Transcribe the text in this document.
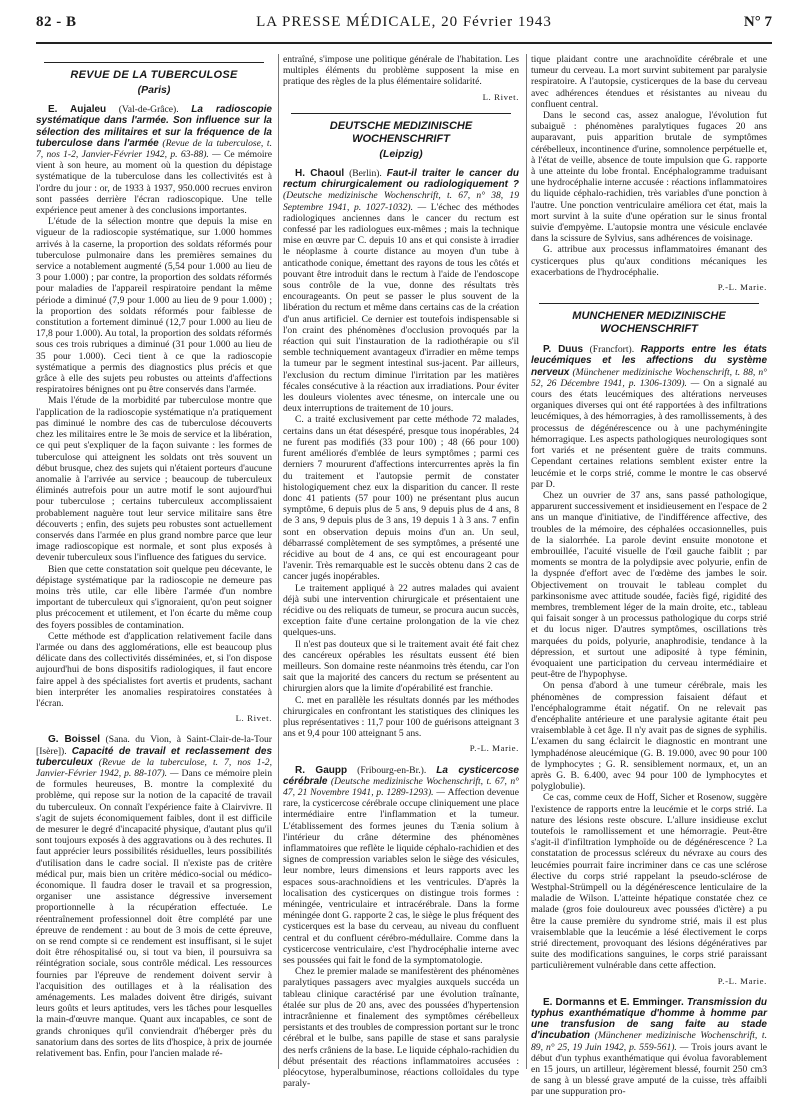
82 - B	LA PRESSE MÉDICALE, 20 Février 1943	N° 7
REVUE DE LA TUBERCULOSE
(Paris)

E. Aujaleu (Val-de-Grâce). La radioscopie systématique dans l'armée. Son influence sur la sélection des militaires et sur la fréquence de la tuberculose dans l'armée (Revue de la tuberculose, t. 7, nos 1-2, Janvier-Février 1942, p. 63-88). — Ce mémoire vient à son heure, au moment où la question du dépistage systématique de la tuberculose dans les collectivités est à l'ordre du jour : or, de 1933 à 1937, 950.000 recrues environ sont passées derrière l'écran radioscopique. Une telle expérience peut amener à des conclusions importantes.

L'étude de la sélection montre que depuis la mise en vigueur de la radioscopie systématique, sur 1.000 hommes arrivés à la caserne, la proportion des soldats réformés pour tuberculose pulmonaire dans les premières semaines du service a notablement augmenté (5,54 pour 1.000 au lieu de 3 pour 1.000) ; par contre, la proportion des soldats réformés pour maladies de l'appareil respiratoire pendant la même période a diminué (7,9 pour 1.000 au lieu de 9 pour 1.000) ; la proportion des soldats réformés pour faiblesse de constitution a fortement diminué (12,7 pour 1.000 au lieu de 17,8 pour 1.000). Au total, la proportion des soldats réformés sous ces trois rubriques a diminué (31 pour 1.000 au lieu de 35 pour 1.000). Ceci tient à ce que la radioscopie systématique a permis des diagnostics plus précis et que grâce à elle des sujets peu robustes ou atteints d'affections respiratoires bénignes ont pu être conservés dans l'armée.

Mais l'étude de la morbidité par tuberculose montre que l'application de la radioscopie systématique n'a pratiquement pas diminué le nombre des cas de tuberculose découverts chez les militaires entre le 3e mois de service et la libération, ce qui peut s'expliquer de la façon suivante : les formes de tuberculose qui atteignent les soldats ont très souvent un début brusque, chez des sujets qui n'étaient porteurs d'aucune anomalie à l'arrivée au service ; beaucoup de tuberculeux éliminés autrefois pour un autre motif le sont aujourd'hui pour tuberculose ; certains tuberculeux accomplissaient probablement naguère tout leur service militaire sans être découverts ; enfin, des sujets peu robustes sont actuellement conservés dans l'armée en plus grand nombre parce que leur image radioscopique est normale, et sont plus exposés à devenir tuberculeux sous l'influence des fatigues du service.

Bien que cette constatation soit quelque peu décevante, le dépistage systématique par la radioscopie ne demeure pas moins très utile, car elle libère l'armée d'un nombre important de tuberculeux qui s'ignoraient, qu'on peut soigner plus précocement et utilement, et l'on écarte du même coup des foyers possibles de contamination.

Cette méthode est d'application relativement facile dans l'armée ou dans des agglomérations, elle est beaucoup plus délicate dans des collectivités disséminées, et, si l'on dispose aujourd'hui de bons dispositifs radiologiques, il faut encore faire appel à des spécialistes fort avertis et prudents, sachant bien interpréter les anomalies respiratoires constatées à l'écran.

L. Rivet.

G. Boissel (Sana. du Vion, à Saint-Clair-de-la-Tour [Isère]). Capacité de travail et reclassement des tuberculeux (Revue de la tuberculose, t. 7, nos 1-2, Janvier-Février 1942, p. 88-107). — Dans ce mémoire plein de formules heureuses, B. montre la complexité du problème, qui repose sur la notion de la capacité de travail du tuberculeux. On connaît l'expérience faite à Clairvivre. Il s'agit de sujets économiquement faibles, dont il est difficile de mesurer le degré d'incapacité physique, d'autant plus qu'il sont toujours exposés à des aggravations ou à des rechutes. Il faut apprécier leurs possibilités résiduelles, leurs possibilités d'utilisation dans le cadre social. Il n'existe pas de critère médical pur, mais bien un critère médico-social ou médico-économique. Il faudra doser le travail et sa progression, organiser une assistance dégressive inversement proportionnelle à la récupération effectuée. Le réentraînement professionnel doit être complété par une épreuve de rendement : au bout de 3 mois de cette épreuve, on se rend compte si ce rendement est insuffisant, si le sujet doit être réhospitalisé ou, si tout va bien, il poursuivra sa réintégration sociale, sous contrôle médical. Les ressources fournies par l'épreuve de rendement doivent servir à l'acquisition des outillages et à la réalisation des aménagements. Les malades doivent être dirigés, suivant leurs goûts et leurs aptitudes, vers les tâches pour lesquelles la main-d'œuvre manque. Quant aux incapables, ce sont de grands chroniques qu'il conviendrait d'héberger près du sanatorium dans des sortes de lits d'hospice, à prix de journée relativement bas. Enfin, pour l'ancien malade ré-

entraîné, s'impose une politique générale de l'habitation. Les multiples éléments du problème supposent la mise en pratique des règles de la plus élémentaire solidarité.

L. Rivet.

DEUTSCHE MEDIZINISCHE WOCHENSCHRIFT
(Leipzig)

H. Chaoul (Berlin). Faut-il traiter le cancer du rectum chirurgicalement ou radiologiquement ? (Deutsche medizinische Wochenschrift, t. 67, n° 38, 19 Septembre 1941, p. 1027-1032). — L'échec des méthodes radiologiques anciennes dans le cancer du rectum est confessé par les radiologues eux-mêmes ; mais la technique mise en œuvre par C. depuis 10 ans et qui consiste à irradier le néoplasme à courte distance au moyen d'un tube à anticathode conique, émettant des rayons de tous les côtés et pouvant être introduit dans le rectum à l'aide de l'endoscope sous contrôle de la vue, donne des résultats très encourageants. On peut se passer le plus souvent de la libération du rectum et même dans certains cas de la création d'un anus artificiel. Ce dernier est toutefois indispensable si l'on craint des phénomènes d'occlusion provoqués par la réaction qui suit l'instauration de la radiothérapie ou s'il semble techniquement avantageux d'irradier en même temps la tumeur par le segment intestinal sus-jacent. Par ailleurs, l'exclusion du rectum diminue l'irritation par les matières fécales consécutive à la réaction aux irradiations. Pour éviter les douleurs violentes avec ténesme, on intercale une ou deux interruptions de traitement de 10 jours.

C. a traité exclusivement par cette méthode 72 malades, certains dans un état désespéré, presque tous inopérables, 24 ne furent pas modifiés (33 pour 100) ; 48 (66 pour 100) furent améliorés d'emblée de leurs symptômes ; parmi ces derniers 7 moururent d'affections intercurrentes après la fin du traitement et l'autopsie permit de constater histologiquement chez eux la disparition du cancer. Il reste donc 41 patients (57 pour 100) ne présentant plus aucun symptôme, 6 depuis plus de 5 ans, 9 depuis plus de 4 ans, 8 de 3 ans, 9 depuis plus de 3 ans, 19 depuis 1 à 3 ans. 7 enfin sont en observation depuis moins d'un an. Un seul, débarrassé complètement de ses symptômes, a présenté une récidive au bout de 4 ans, ce qui est encourageant pour l'avenir. Très remarquable est le succès obtenu dans 2 cas de cancer jugés inopérables.

Le traitement appliqué à 22 autres malades qui avaient déjà subi une intervention chirurgicale et présentaient une récidive ou des reliquats de tumeur, se procura aucun succès, exception faite d'une certaine prolongation de la vie chez quelques-uns.

Il n'est pas douteux que si le traitement avait été fait chez des cancéreux opérables les résultats eussent été bien meilleurs. Son domaine reste néanmoins très étendu, car l'on sait que la majorité des cancers du rectum se présentent au chirurgien alors que la limite d'opérabilité est franchie.

C. met en parallèle les résultats donnés par les méthodes chirurgicales en confrontant les statistiques des cliniques les plus représentatives : 11,7 pour 100 de guérisons atteignant 3 ans et 9,4 pour 100 atteignant 5 ans.

P.-L. Marie.

R. Gaupp (Fribourg-en-Br.). La cysticercose cérébrale (Deutsche medizinische Wochenschrift, t. 67, n° 47, 21 Novembre 1941, p. 1289-1293). — Affection devenue rare, la cysticercose cérébrale occupe cliniquement une place intermédiaire entre l'inflammation et la tumeur. L'établissement des formes jeunes du Tænia solium à l'intérieur du crâne détermine des phénomènes inflammatoires que reflète le liquide céphalo-rachidien et des signes de compression variables selon le siège des vésicules, leur nombre, leurs dimensions et leurs rapports avec les espaces sous-arachnoïdiens et les ventricules. D'après la localisation des cysticerques on distingue trois formes : méningée, ventriculaire et intracérébrale. Dans la forme méningée dont G. rapporte 2 cas, le siège le plus fréquent des cysticerques est la base du cerveau, au niveau du confluent central et du confluent cérébro-médullaire. Comme dans la cysticercose ventriculaire, c'est l'hydrocéphalie interne avec ses poussées qui fait le fond de la symptomatologie.

Chez le premier malade se manifestèrent des phénomènes paralytiques passagers avec myalgies auxquels succéda un tableau clinique caractérisé par une évolution traînante, étalée sur plus de 20 ans, avec des poussées d'hypertension intracrânienne et finalement des symptômes cérébelleux persistants et des troubles de compression portant sur le tronc cérébral et le bulbe, sans papille de stase et sans paralysie des nerfs crâniens de la base. Le liquide céphalo-rachidien du début présentait des réactions inflammatoires accusées : pléocytose, hyperalbuminose, réactions colloïdales du type paraly-

tique plaidant contre une arachnoïdite cérébrale et une tumeur du cerveau. La mort survint subitement par paralysie respiratoire. A l'autopsie, cysticerques de la base du cerveau avec adhérences étendues et résistantes au niveau du confluent central.

Dans le second cas, assez analogue, l'évolution fut subaiguë : phénomènes paralytiques fugaces 20 ans auparavant, puis apparition brutale de symptômes cérébelleux, incontinence d'urine, somnolence perpétuelle et, à l'état de veille, absence de toute impulsion que G. rapporte à une atteinte du lobe frontal. Encéphalogramme traduisant une hydrocéphalie interne accusée : réactions inflammatoires du liquide céphalo-rachidien, très variables d'une ponction à l'autre. Une ponction ventriculaire améliora cet état, mais la mort survint à la suite d'une opération sur le sinus frontal suivie d'empyème. L'autopsie montra une vésicule enclavée dans la scissure de Sylvius, sans adhérences de voisinage.

G. attribue aux processus inflammatoires émanant des cysticerques plus qu'aux conditions mécaniques les exacerbations de l'hydrocéphalie.

P.-L. Marie.

MUNCHENER MEDIZINISCHE WOCHENSCHRIFT

P. Duus (Francfort). Rapports entre les états leucémiques et les affections du système nerveux (Münchener medizinische Wochenschrift, t. 88, n° 52, 26 Décembre 1941, p. 1306-1309). — On a signalé au cours des états leucémiques des altérations nerveuses organiques diverses qui ont été rapportées à des infiltrations leucémiques, à des hémorragies, à des ramollissements, à des processus de dégénérescence ou à une pachyméningite hémorragique. Les aspects pathologiques neurologiques sont fort variés et ne présentent guère de traits communs. Cependant certaines relations semblent exister entre la leucémie et le corps strié, comme le montre le cas observé par D.

Chez un ouvrier de 37 ans, sans passé pathologique, apparurent successivement et insidieusement en l'espace de 2 ans un manque d'initiative, de l'indifférence affective, des troubles de la mémoire, des céphalées occasionnelles, puis de la sialorrhée. La parole devint ensuite monotone et embrouillée, l'acuité visuelle de l'œil gauche faiblit ; par moments se montra de la polydipsie avec polyurie, enfin de la dyspnée d'effort avec de l'œdème des jambes le soir. Objectivement on trouvait le tableau complet du parkinsonisme avec attitude soudée, faciès figé, rigidité des membres, tremblement léger de la main droite, etc., tableau qui faisait songer à un processus pathologique du corps strié et du locus niger. D'autres symptômes, oscillations très marquées du poids, polyurie, anaphrodisie, tendance à la dépression, et surtout une adiposité à type féminin, évoquaient une participation du cerveau intermédiaire et peut-être de l'hypophyse.

On pensa d'abord à une tumeur cérébrale, mais les phénomènes de compression faisaient défaut et l'encéphalogramme était négatif. On ne relevait pas d'encéphalite antérieure et une paralysie agitante était peu vraisemblable à cet âge. Il n'y avait pas de signes de syphilis. L'examen du sang éclaircit le diagnostic en montrant une lymphadénose aleucémique (G. B. 19.000, avec 90 pour 100 de lymphocytes ; G. R. sensiblement normaux, et, un an après G. B. 6.400, avec 94 pour 100 de lymphocytes et polyglobulie).

Ce cas, comme ceux de Hoff, Sicher et Rosenow, suggère l'existence de rapports entre la leucémie et le corps strié. La nature des lésions reste obscure. L'allure insidieuse exclut toutefois le ramollissement et une hémorragie. Peut-être s'agit-il d'infiltration lymphoïde ou de dégénérescence ? La constatation de processus scléreux du névraxe au cours des leucémies pourrait faire incriminer dans ce cas une sclérose élective du corps strié rappelant la pseudo-sclérose de Westphal-Strümpell ou la dégénérescence lenticulaire de la maladie de Wilson. L'atteinte hépatique constatée chez ce malade (gros foie douloureux avec poussées d'ictère) a pu être la cause première du syndrome strié, mais il est plus vraisemblable que la leucémie a lésé électivement le corps strié directement, provoquant des lésions dégénératives par suite des modifications sanguines, le corps strié paraissant particulièrement vulnérable dans cette affection.

P.-L. Marie.

E. Dormanns et E. Emminger. Transmission du typhus exanthématique d'homme à homme par une transfusion de sang faite au stade d'incubation (Münchener medizinische Wochenschrift, t. 89, n° 25, 19 Juin 1942, p. 559-561). — Trois jours avant le début d'un typhus exanthématique qui évolua favorablement en 15 jours, un artilleur, légèrement blessé, fournit 250 cm3 de sang à un blessé grave amputé de la cuisse, très affaibli par une suppuration pro-
